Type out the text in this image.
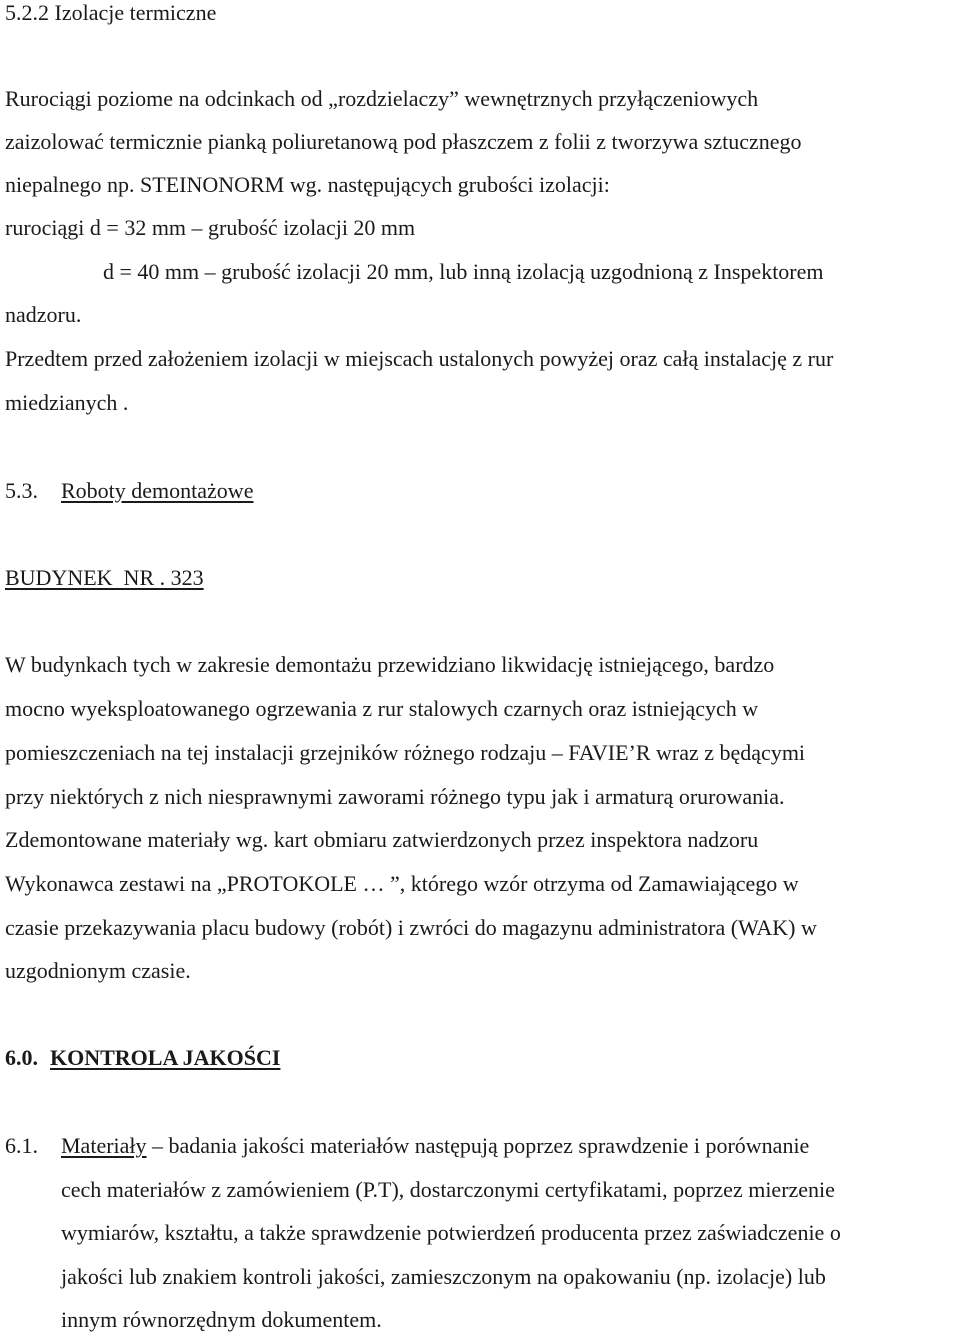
5.2.2 Izolacje termiczne
Rurociągi poziome na odcinkach od „rozdzielaczy” wewnętrznych przyłączeniowych
zaizolować termicznie pianką poliuretanową pod płaszczem z folii z tworzywa sztucznego
niepalnego np. STEINONORM wg. następujących grubości izolacji:
rurociągi d = 32 mm – grubość izolacji 20 mm
d = 40 mm – grubość izolacji 20 mm, lub inną izolacją uzgodnioną z Inspektorem
nadzoru.
Przedtem przed założeniem izolacji w miejscach ustalonych powyżej oraz całą instalację z rur
miedzianych .
5.3. Roboty demontażowe
BUDYNEK  NR . 323
W budynkach tych w zakresie demontażu przewidziano likwidację istniejącego, bardzo
mocno wyeksploatowanego ogrzewania z rur stalowych czarnych oraz istniejących w
pomieszczeniach na tej instalacji grzejników różnego rodzaju – FAVIE’R wraz z będącymi
przy niektórych z nich niesprawnymi zaworami różnego typu jak i armaturą orurowania.
Zdemontowane materiały wg. kart obmiaru zatwierdzonych przez inspektora nadzoru
Wykonawca zestawi na „PROTOKOLE … ”, którego wzór otrzyma od Zamawiającego w
czasie przekazywania placu budowy (robót) i zwróci do magazynu administratora (WAK) w
uzgodnionym czasie.
6.0. KONTROLA JAKOŚCI
6.1. Materiały – badania jakości materiałów następują poprzez sprawdzenie i porównanie
cech materiałów z zamówieniem (P.T), dostarczonymi certyfikatami, poprzez mierzenie
wymiarów, kształtu, a także sprawdzenie potwierdzeń producenta przez zaświadczenie o
jakości lub znakiem kontroli jakości, zamieszczonym na opakowaniu (np. izolacje) lub
innym równorzędnym dokumentem.
